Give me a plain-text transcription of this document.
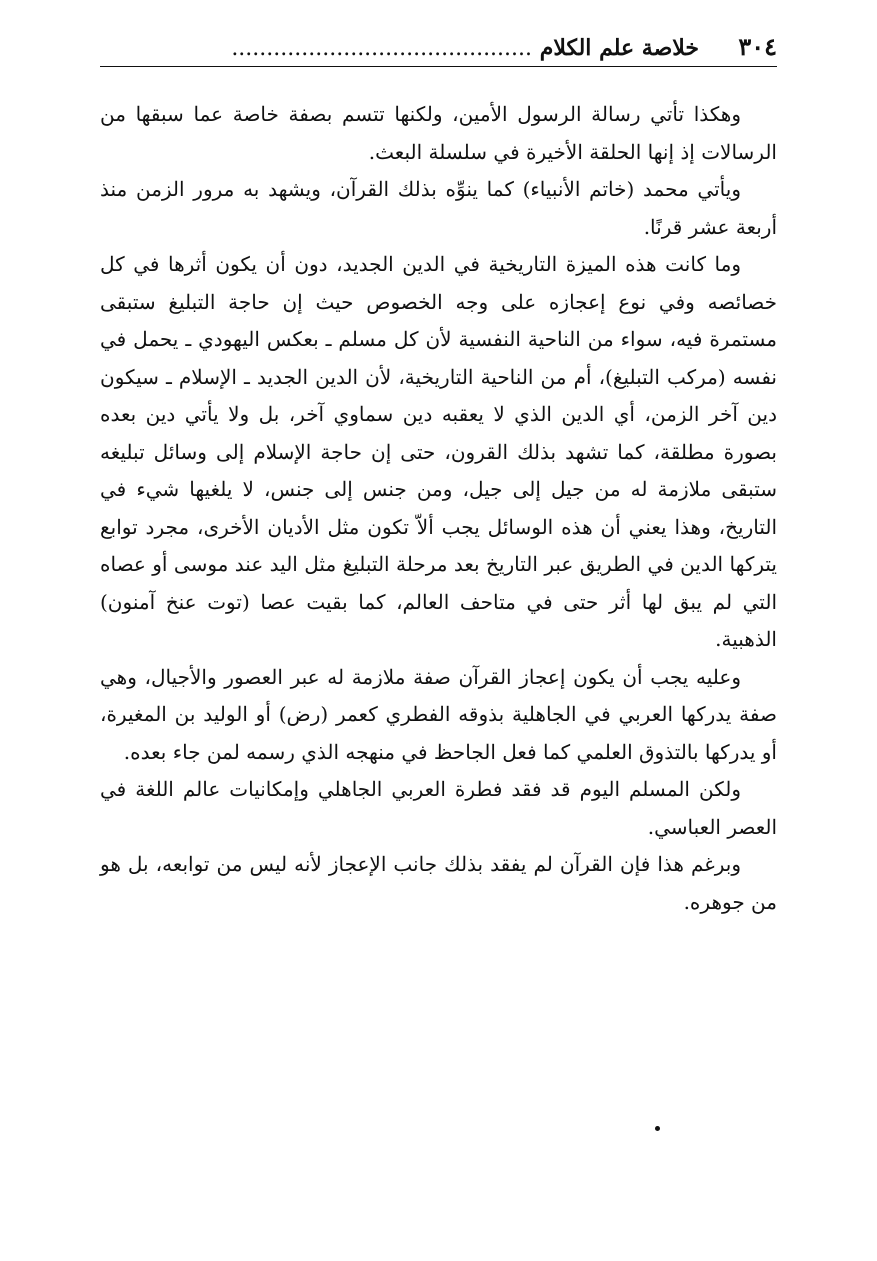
٣٠٤
خلاصة علم الكلام ...........................................

وهكذا تأتي رسالة الرسول الأمين، ولكنها تتسم بصفة خاصة عما سبقها من الرسالات إذ إنها الحلقة الأخيرة في سلسلة البعث.

ويأتي محمد (خاتم الأنبياء) كما ينوِّه بذلك القرآن، ويشهد به مرور الزمن منذ أربعة عشر قرنًا.

وما كانت هذه الميزة التاريخية في الدين الجديد، دون أن يكون أثرها في كل خصائصه وفي نوع إعجازه على وجه الخصوص حيث إن حاجة التبليغ ستبقى مستمرة فيه، سواء من الناحية النفسية لأن كل مسلم ـ بعكس اليهودي ـ يحمل في نفسه (مركب التبليغ)، أم من الناحية التاريخية، لأن الدين الجديد ـ الإسلام ـ سيكون دين آخر الزمن، أي الدين الذي لا يعقبه دين سماوي آخر، بل ولا يأتي دين بعده بصورة مطلقة، كما تشهد بذلك القرون، حتى إن حاجة الإسلام إلى وسائل تبليغه ستبقى ملازمة له من جيل إلى جيل، ومن جنس إلى جنس، لا يلغيها شيء في التاريخ، وهذا يعني أن هذه الوسائل يجب ألاّ تكون مثل الأديان الأخرى، مجرد توابع يتركها الدين في الطريق عبر التاريخ بعد مرحلة التبليغ مثل اليد عند موسى أو عصاه التي لم يبق لها أثر حتى في متاحف العالم، كما بقيت عصا (توت عنخ آمنون) الذهبية.

وعليه يجب أن يكون إعجاز القرآن صفة ملازمة له عبر العصور والأجيال، وهي صفة يدركها العربي في الجاهلية بذوقه الفطري كعمر (رض) أو الوليد بن المغيرة، أو يدركها بالتذوق العلمي كما فعل الجاحظ في منهجه الذي رسمه لمن جاء بعده.

ولكن المسلم اليوم قد فقد فطرة العربي الجاهلي وإمكانيات عالم اللغة في العصر العباسي.

وبرغم هذا فإن القرآن لم يفقد بذلك جانب الإعجاز لأنه ليس من توابعه، بل هو من جوهره.
